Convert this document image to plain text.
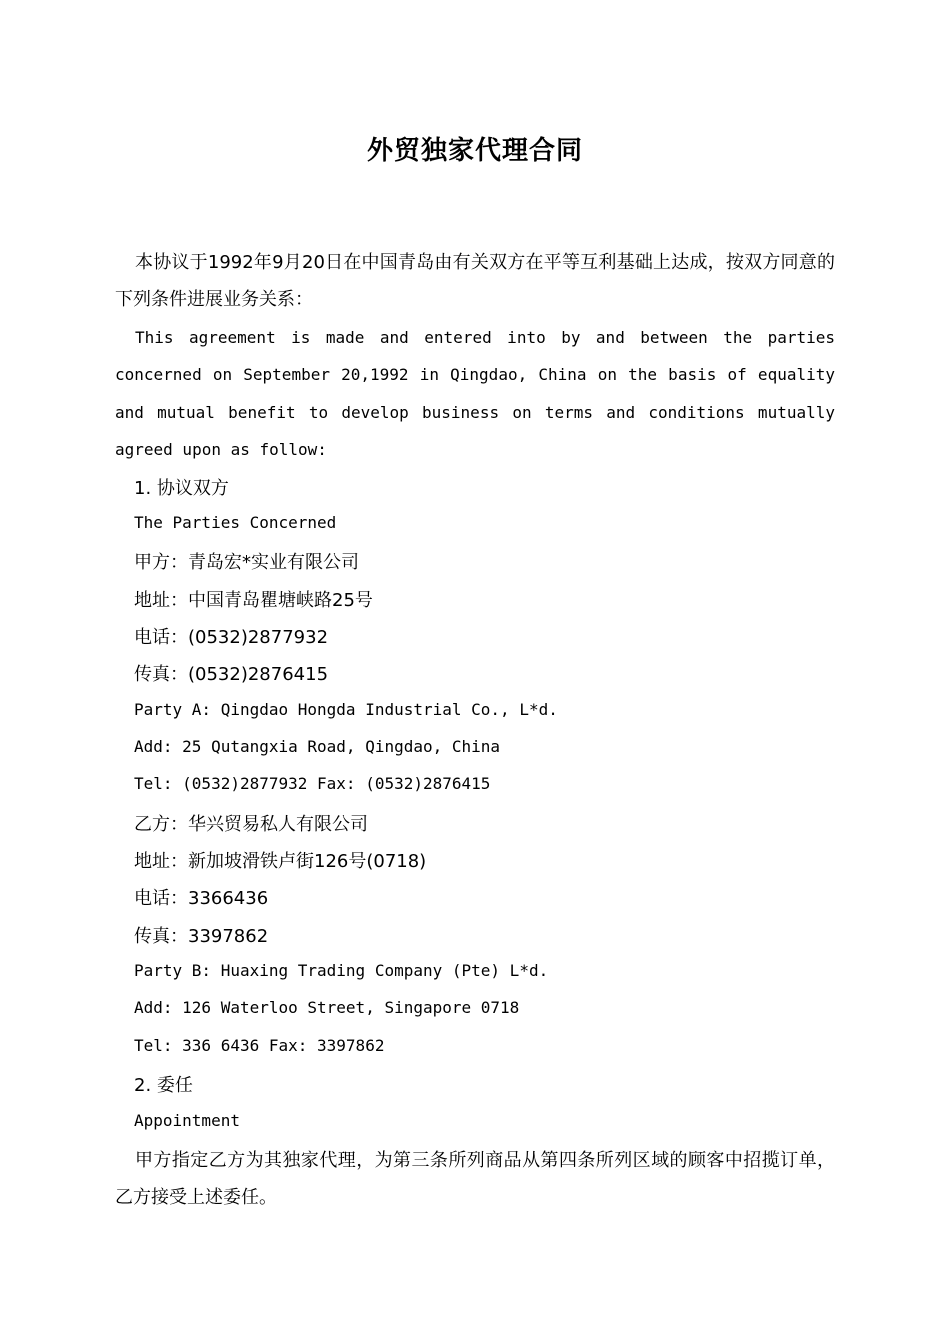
外贸独家代理合同

本协议于1992年9月20日在中国青岛由有关双方在平等互利基础上达成，按双方同意的下列条件进展业务关系：

This agreement is made and entered into by and between the parties concerned on September 20,1992 in Qingdao, China on the basis of equality and mutual benefit to develop business on terms and conditions mutually agreed upon as follow:

1. 协议双方
The Parties Concerned
甲方：青岛宏*实业有限公司
地址：中国青岛瞿塘峡路25号
电话：(0532)2877932
传真：(0532)2876415
Party A: Qingdao Hongda Industrial Co., L*d.
Add: 25 Qutangxia Road, Qingdao, China
Tel: (0532)2877932 Fax: (0532)2876415
乙方：华兴贸易私人有限公司
地址：新加坡滑铁卢街126号(0718)
电话：3366436
传真：3397862
Party B: Huaxing Trading Company (Pte) L*d.
Add: 126 Waterloo Street, Singapore 0718
Tel: 336 6436 Fax: 3397862
2. 委任
Appointment

甲方指定乙方为其独家代理，为第三条所列商品从第四条所列区域的顾客中招揽订单，乙方接受上述委任。
